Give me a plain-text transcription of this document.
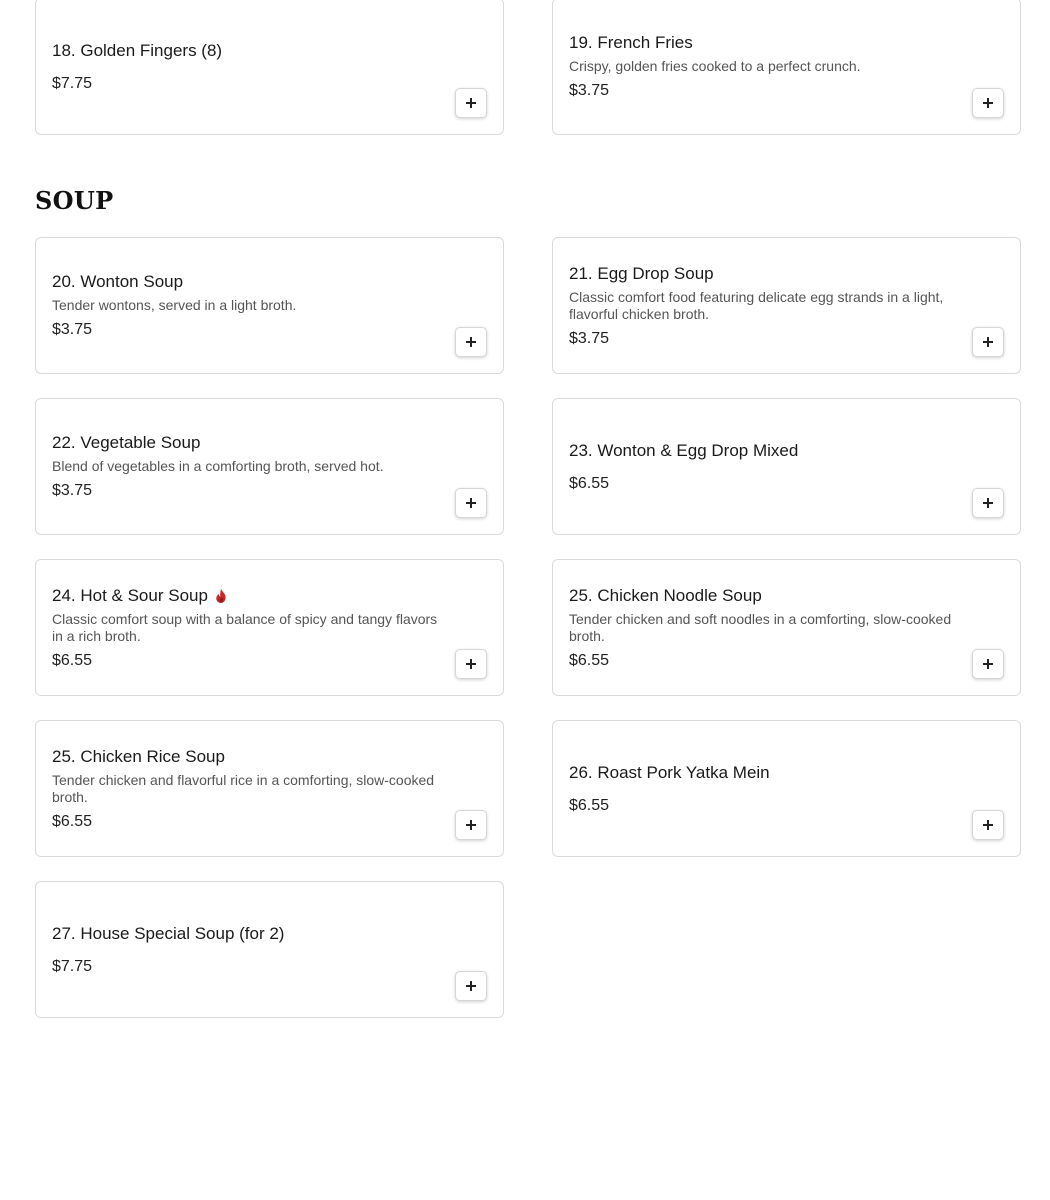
18. Golden Fingers (8)
$7.75
19. French Fries
Crispy, golden fries cooked to a perfect crunch.
$3.75
SOUP
20. Wonton Soup
Tender wontons, served in a light broth.
$3.75
21. Egg Drop Soup
Classic comfort food featuring delicate egg strands in a light, flavorful chicken broth.
$3.75
22. Vegetable Soup
Blend of vegetables in a comforting broth, served hot.
$3.75
23. Wonton & Egg Drop Mixed
$6.55
24. Hot & Sour Soup
Classic comfort soup with a balance of spicy and tangy flavors in a rich broth.
$6.55
25. Chicken Noodle Soup
Tender chicken and soft noodles in a comforting, slow-cooked broth.
$6.55
25. Chicken Rice Soup
Tender chicken and flavorful rice in a comforting, slow-cooked broth.
$6.55
26. Roast Pork Yatka Mein
$6.55
27. House Special Soup (for 2)
$7.75
